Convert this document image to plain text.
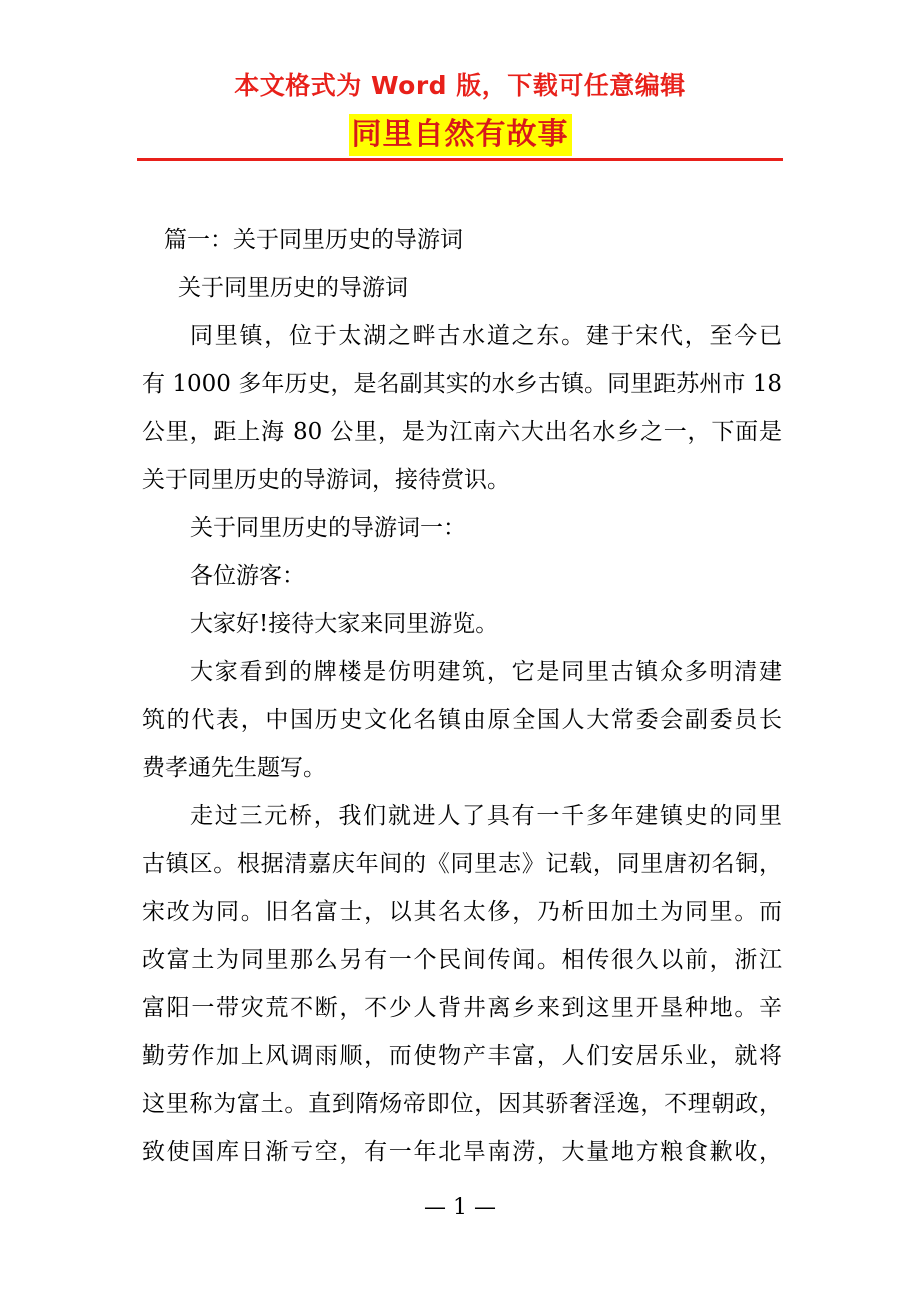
本文格式为 Word 版，下载可任意编辑
同里自然有故事
篇一：关于同里历史的导游词
关于同里历史的导游词
同里镇，位于太湖之畔古水道之东。建于宋代，至今已
有 1000 多年历史，是名副其实的水乡古镇。同里距苏州市 18
公里，距上海 80 公里，是为江南六大出名水乡之一，下面是
关于同里历史的导游词，接待赏识。
关于同里历史的导游词一：
各位游客：
大家好!接待大家来同里游览。
大家看到的牌楼是仿明建筑，它是同里古镇众多明清建
筑的代表，中国历史文化名镇由原全国人大常委会副委员长
费孝通先生题写。
走过三元桥，我们就进人了具有一千多年建镇史的同里
古镇区。根据清嘉庆年间的《同里志》记载，同里唐初名铜，
宋改为同。旧名富士，以其名太侈，乃析田加土为同里。而
改富土为同里那么另有一个民间传闻。相传很久以前，浙江
富阳一带灾荒不断，不少人背井离乡来到这里开垦种地。辛
勤劳作加上风调雨顺，而使物产丰富，人们安居乐业，就将
这里称为富土。直到隋炀帝即位，因其骄奢淫逸，不理朝政，
致使国库日渐亏空，有一年北旱南涝，大量地方粮食歉收，
— 1 —
